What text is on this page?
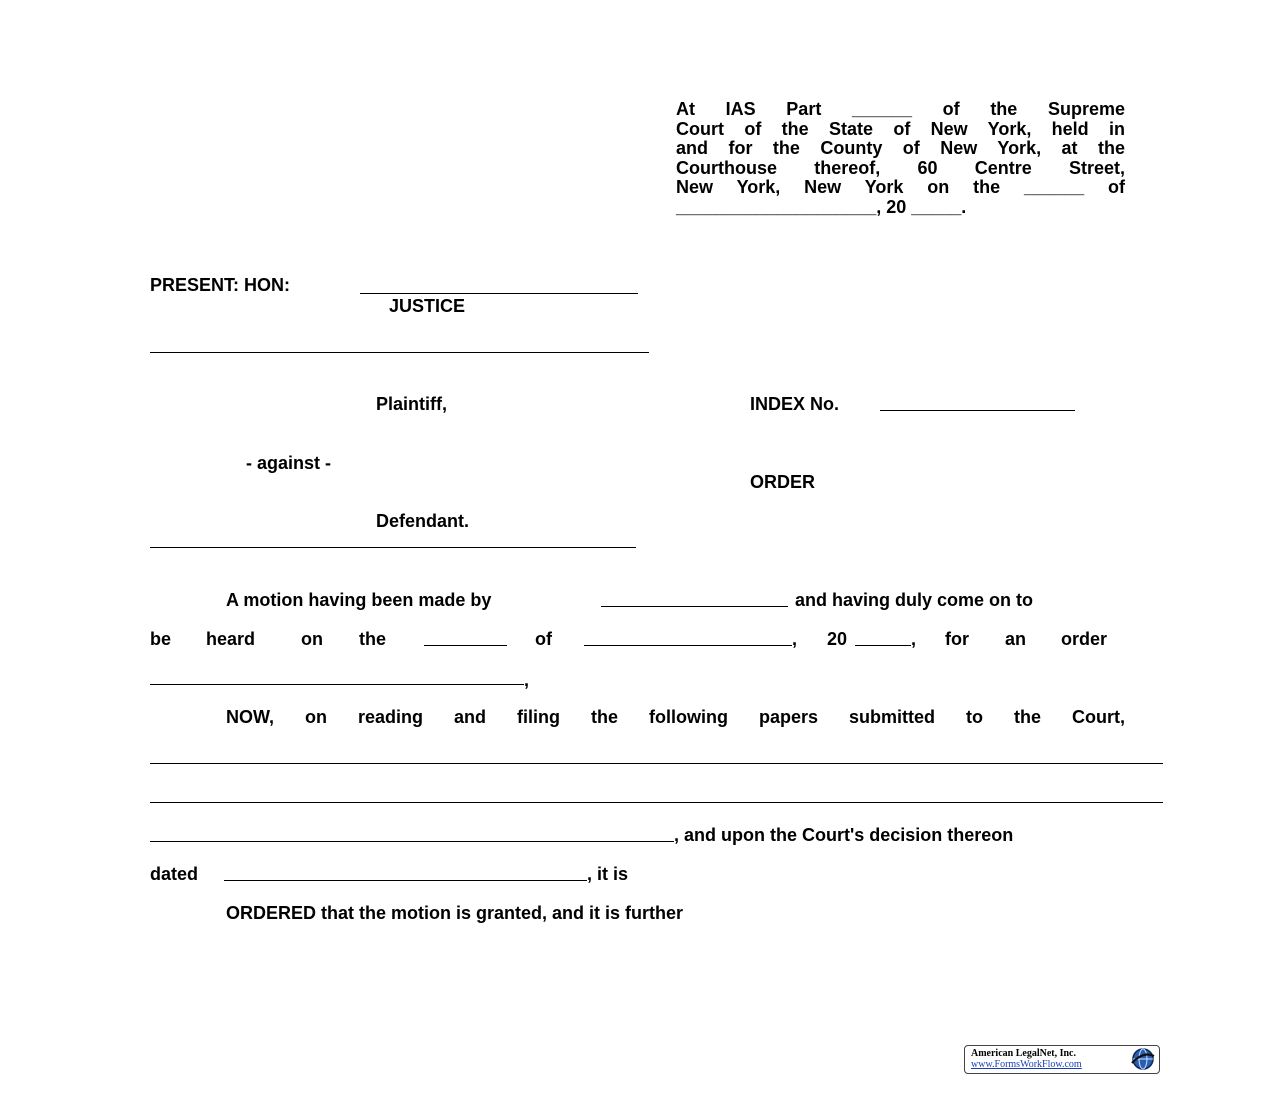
At IAS Part ______ of the Supreme
Court of the State of New York, held in
and for the County of New York, at the
Courthouse thereof, 60 Centre Street,
New York, New York on the ______ of
____________________, 20 _____.
PRESENT: HON:
JUSTICE
Plaintiff,
- against -
Defendant.
INDEX No.
ORDER
A motion having been made by	and having duly come on to
be heard	on the	of	, 20	, for an order
,
NOW, on reading and filing the following papers submitted to the Court,
, and upon the Court's decision thereon
dated	, it is
ORDERED that the motion is granted, and it is further
American LegalNet, Inc.
www.FormsWorkFlow.com
